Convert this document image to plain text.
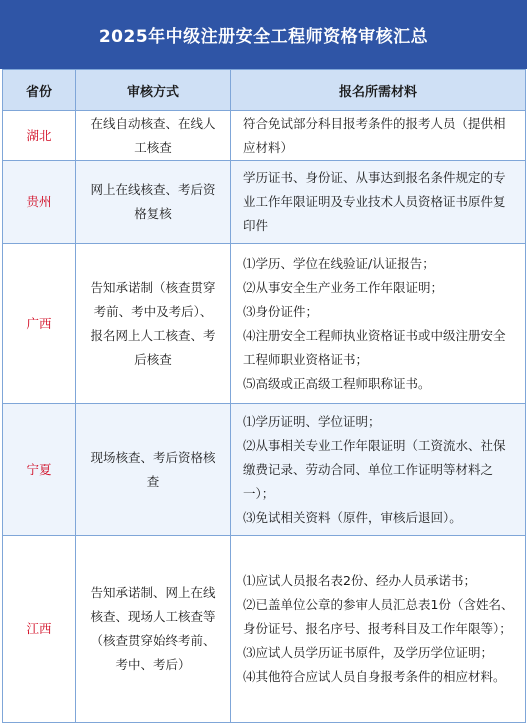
2025年中级注册安全工程师资格审核汇总
省份	审核方式	报名所需材料
湖北	在线自动核查、在线人工核查	符合免试部分科目报考条件的报考人员（提供相应材料）

贵州	网上在线核查、考后资格复核	学历证书、身份证、从事达到报名条件规定的专业工作年限证明及专业技术人员资格证书原件复印件

广西	告知承诺制（核查贯穿考前、考中及考后）、报名网上人工核查、考后核查	⑴学历、学位在线验证/认证报告；
⑵从事安全生产业务工作年限证明；
⑶身份证件；
⑷注册安全工程师执业资格证书或中级注册安全工程师职业资格证书；
⑸高级或正高级工程师职称证书。

宁夏	现场核查、考后资格核查	⑴学历证明、学位证明；
⑵从事相关专业工作年限证明（工资流水、社保缴费记录、劳动合同、单位工作证明等材料之一）；
⑶免试相关资料（原件，审核后退回）。

江西	告知承诺制、网上在线核查、现场人工核查等（核查贯穿始终考前、考中、考后）	⑴应试人员报名表2份、经办人员承诺书；
⑵已盖单位公章的参审人员汇总表1份（含姓名、身份证号、报名序号、报考科目及工作年限等）；
⑶应试人员学历证书原件，及学历学位证明；
⑷其他符合应试人员自身报考条件的相应材料。
